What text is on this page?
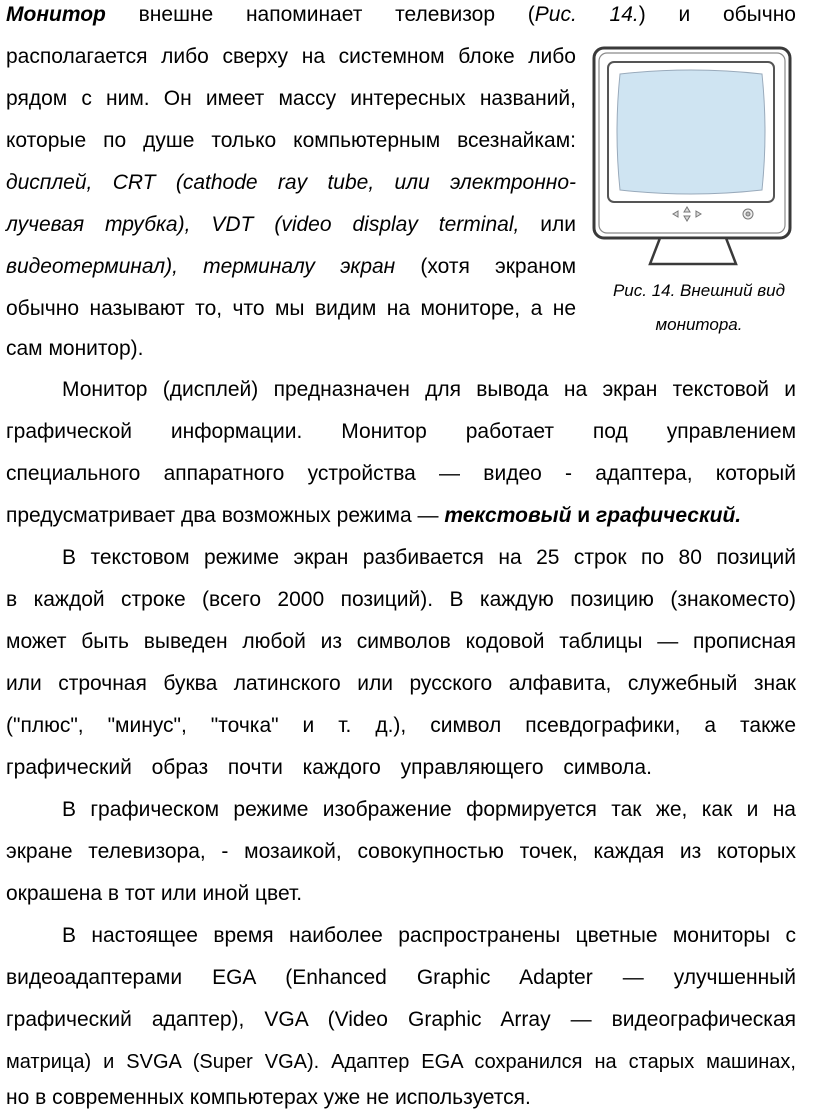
Монитор внешне напоминает телевизор (Рис. 14.) и обычно
располагается либо сверху на системном блоке либо
рядом с ним. Он имеет массу интересных названий,
которые по душе только компьютерным всезнайкам:
дисплей, CRT (cathode ray tube, или электронно-
лучевая трубка), VDT (video display terminal, или
видеотерминал), терминалу экран (хотя экраном
обычно называют то, что мы видим на мониторе, а не
сам монитор).
Монитор (дисплей) предназначен для вывода на экран текстовой и
графической информации. Монитор работает под управлением
специального аппаратного устройства — видео - адаптера, который
предусматривает два возможных режима — текстовый и графический.
В текстовом режиме экран разбивается на 25 строк по 80 позиций
в каждой строке (всего 2000 позиций). В каждую позицию (знакоместо)
может быть выведен любой из символов кодовой таблицы — прописная
или строчная буква латинского или русского алфавита, служебный знак
("плюс", "минус", "точка" и т. д.), символ псевдографики, а также
графический образ почти каждого управляющего символа.
В графическом режиме изображение формируется так же, как и на
экране телевизора, - мозаикой, совокупностью точек, каждая из которых
окрашена в тот или иной цвет.
В настоящее время наиболее распространены цветные мониторы с
видеоадаптерами EGA (Enhanced Graphic Adapter — улучшенный
графический адаптер), VGA (Video Graphic Array — видеографическая
матрица) и SVGA (Super VGA). Адаптер EGA сохранился на старых машинах,
но в современных компьютерах уже не используется.
Рис. 14. Внешний вид
монитора.
